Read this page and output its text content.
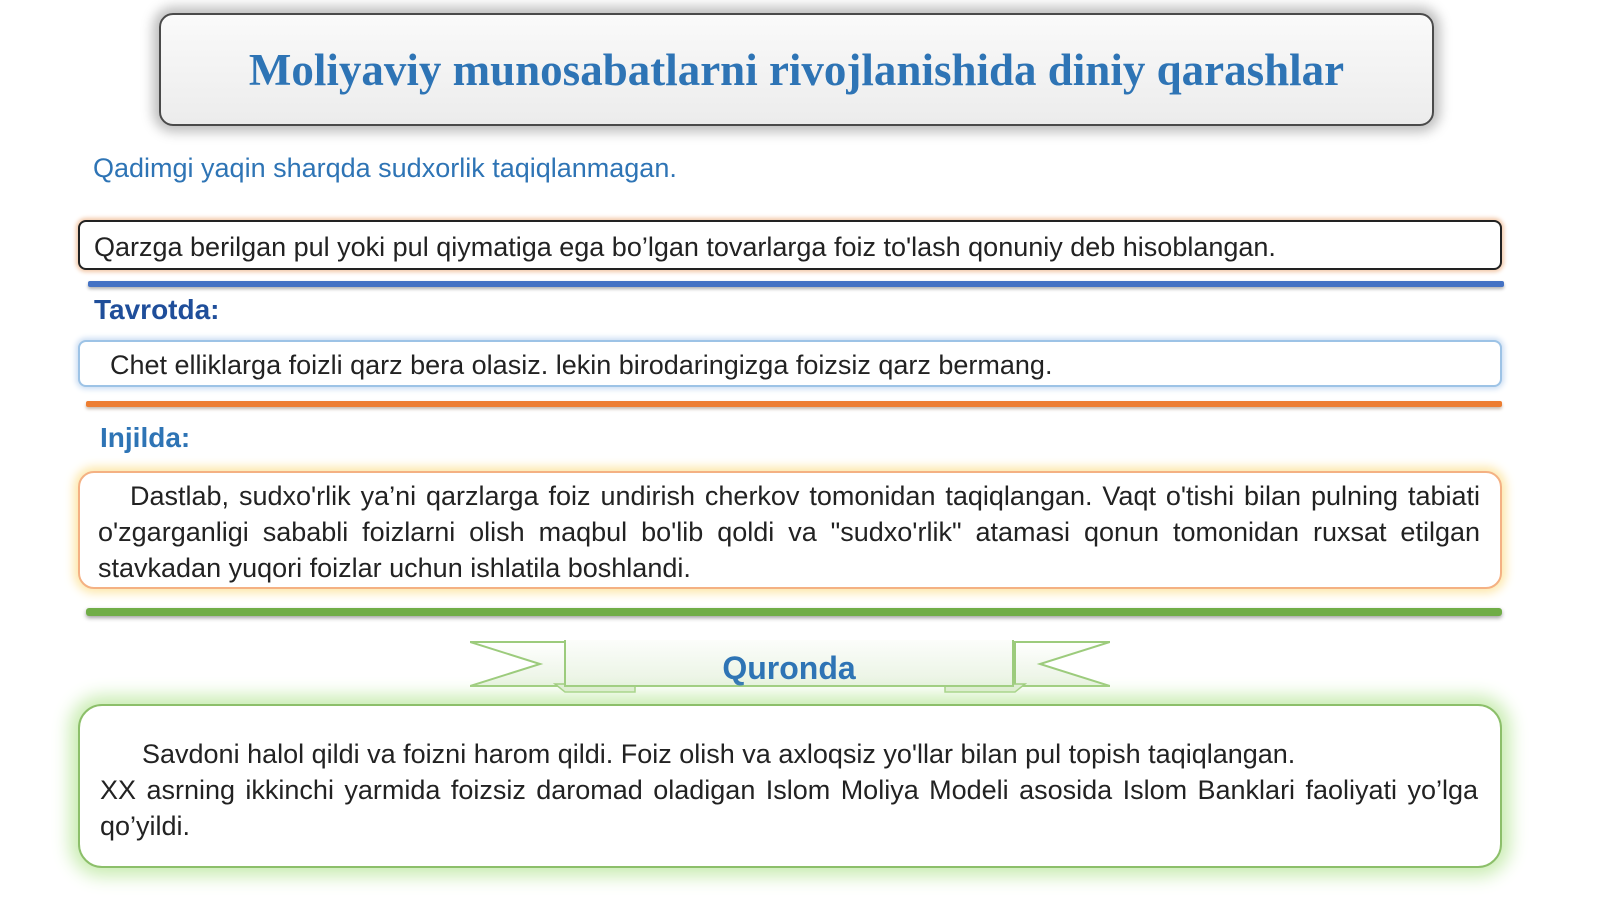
Moliyaviy munosabatlarni rivojlanishida diniy qarashlar
Qadimgi yaqin sharqda sudxorlik taqiqlanmagan.
Qarzga berilgan pul yoki pul qiymatiga ega bo’lgan tovarlarga foiz to'lash qonuniy deb hisoblangan.
Tavrotda:
Chet elliklarga foizli qarz bera olasiz. lekin birodaringizga foizsiz qarz bermang.
Injilda:
Dastlab, sudxo'rlik ya’ni qarzlarga foiz undirish cherkov tomonidan taqiqlangan. Vaqt o'tishi bilan pulning tabiati o'zgarganligi sababli foizlarni olish maqbul bo'lib qoldi va "sudxo'rlik" atamasi qonun tomonidan ruxsat etilgan stavkadan yuqori foizlar uchun ishlatila boshlandi.
Quronda
Savdoni halol qildi va foizni harom qildi. Foiz olish va axloqsiz yo'llar bilan pul topish taqiqlangan.
XX asrning ikkinchi yarmida foizsiz daromad oladigan Islom Moliya Modeli asosida Islom Banklari faoliyati yo’lga qo’yildi.
